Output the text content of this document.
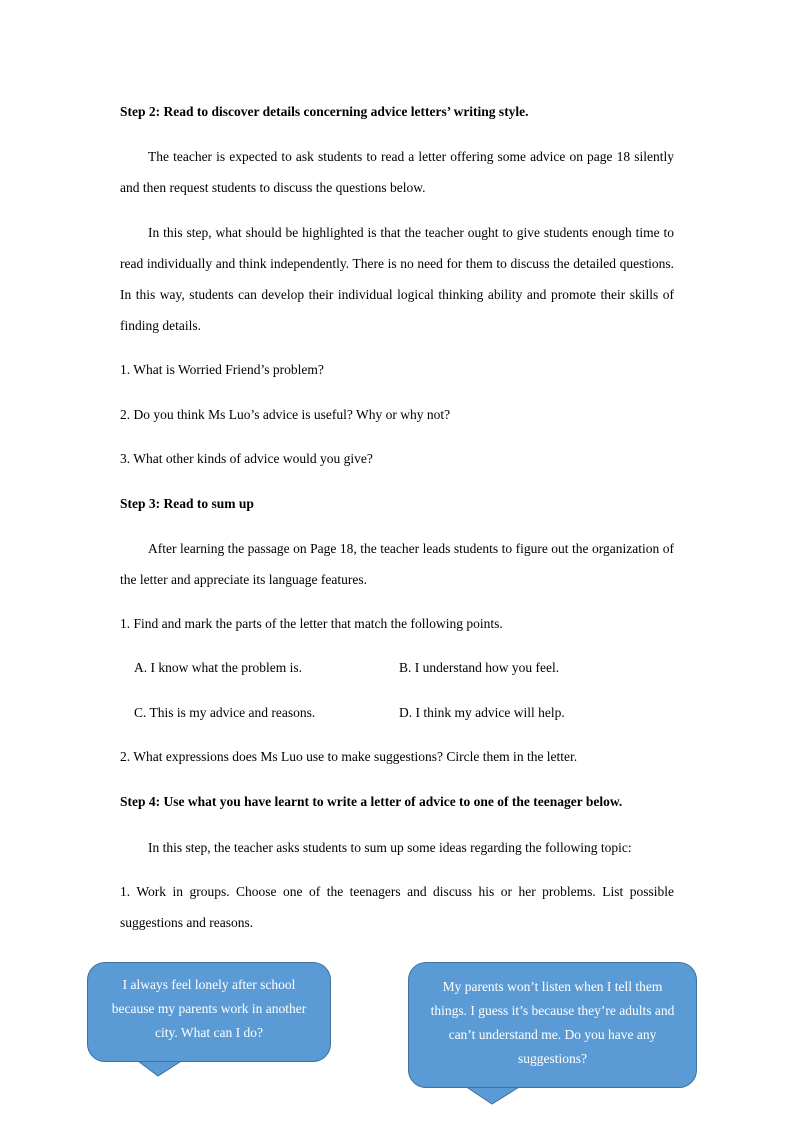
Step 2: Read to discover details concerning advice letters’ writing style.
The teacher is expected to ask students to read a letter offering some advice on page 18 silently and then request students to discuss the questions below.
In this step, what should be highlighted is that the teacher ought to give students enough time to read individually and think independently. There is no need for them to discuss the detailed questions. In this way, students can develop their individual logical thinking ability and promote their skills of finding details.
1. What is Worried Friend’s problem?
2. Do you think Ms Luo’s advice is useful? Why or why not?
3. What other kinds of advice would you give?
Step 3: Read to sum up
After learning the passage on Page 18, the teacher leads students to figure out the organization of the letter and appreciate its language features.
1. Find and mark the parts of the letter that match the following points.
A. I know what the problem is.	B. I understand how you feel.
C. This is my advice and reasons.	D. I think my advice will help.
2. What expressions does Ms Luo use to make suggestions? Circle them in the letter.
Step 4: Use what you have learnt to write a letter of advice to one of the teenager below.
In this step, the teacher asks students to sum up some ideas regarding the following topic:
1. Work in groups. Choose one of the teenagers and discuss his or her problems. List possible suggestions and reasons.
I always feel lonely after school because my parents work in another city. What can I do?
My parents won’t listen when I tell them things. I guess it’s because they’re adults and can’t understand me. Do you have any suggestions?
